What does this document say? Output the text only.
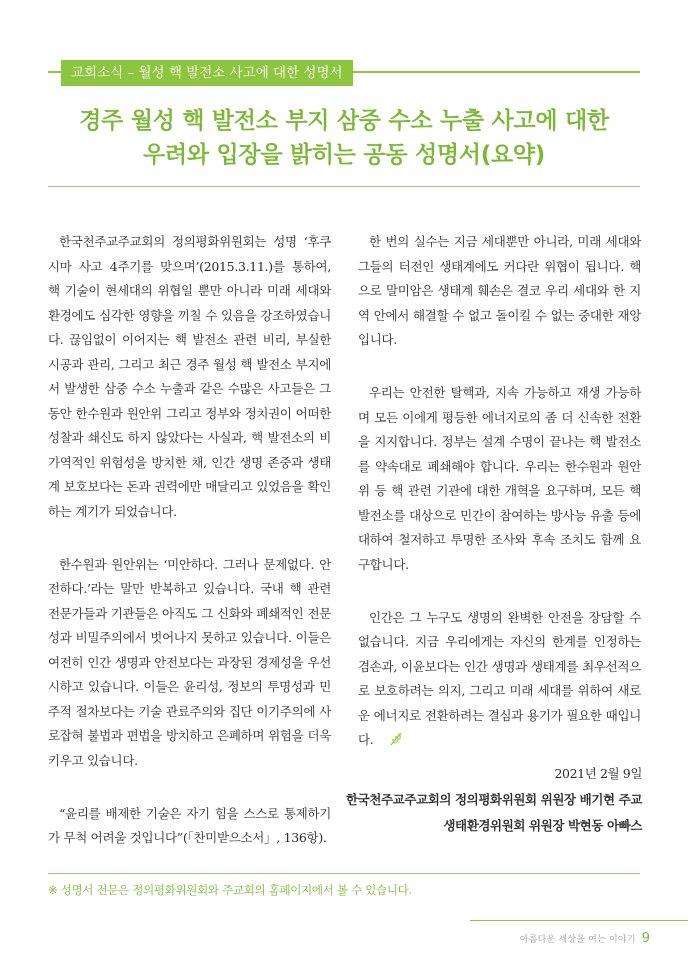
교회소식 – 월성 핵 발전소 사고에 대한 성명서
경주 월성 핵 발전소 부지 삼중 수소 누출 사고에 대한
우려와 입장을 밝히는 공동 성명서(요약)

한국천주교주교회의 정의평화위원회는 성명 ‘후쿠시마 사고 4주기를 맞으며’(2015.3.11.)를 통하여, 핵 기술이 현세대의 위협일 뿐만 아니라 미래 세대와 환경에도 심각한 영향을 끼칠 수 있음을 강조하였습니다. 끊임없이 이어지는 핵 발전소 관련 비리, 부실한 시공과 관리, 그리고 최근 경주 월성 핵 발전소 부지에서 발생한 삼중 수소 누출과 같은 수많은 사고들은 그동안 한수원과 원안위 그리고 정부와 정치권이 어떠한 성찰과 쇄신도 하지 않았다는 사실과, 핵 발전소의 비가역적인 위험성을 방치한 채, 인간 생명 존중과 생태계 보호보다는 돈과 권력에만 매달리고 있었음을 확인하는 계기가 되었습니다.

한수원과 원안위는 ‘미안하다. 그러나 문제없다. 안전하다.’라는 말만 반복하고 있습니다. 국내 핵 관련 전문가들과 기관들은 아직도 그 신화와 폐쇄적인 전문성과 비밀주의에서 벗어나지 못하고 있습니다. 이들은 여전히 인간 생명과 안전보다는 과장된 경제성을 우선시하고 있습니다. 이들은 윤리성, 정보의 투명성과 민주적 절차보다는 기술 관료주의와 집단 이기주의에 사로잡혀 불법과 편법을 방치하고 은폐하며 위험을 더욱 키우고 있습니다.

“윤리를 배제한 기술은 자기 힘을 스스로 통제하기가 무척 어려울 것입니다”(「찬미받으소서」, 136항).

한 번의 실수는 지금 세대뿐만 아니라, 미래 세대와 그들의 터전인 생태계에도 커다란 위협이 됩니다. 핵으로 말미암은 생태계 훼손은 결코 우리 세대와 한 지역 안에서 해결할 수 없고 돌이킬 수 없는 중대한 재앙입니다.

우리는 안전한 탈핵과, 지속 가능하고 재생 가능하며 모든 이에게 평등한 에너지로의 좀 더 신속한 전환을 지지합니다. 정부는 설계 수명이 끝나는 핵 발전소를 약속대로 폐쇄해야 합니다. 우리는 한수원과 원안위 등 핵 관련 기관에 대한 개혁을 요구하며, 모든 핵 발전소를 대상으로 민간이 참여하는 방사능 유출 등에 대하여 철저하고 투명한 조사와 후속 조치도 함께 요구합니다.

인간은 그 누구도 생명의 완벽한 안전을 장담할 수 없습니다. 지금 우리에게는 자신의 한계를 인정하는 겸손과, 이윤보다는 인간 생명과 생태계를 최우선적으로 보호하려는 의지, 그리고 미래 세대를 위하여 새로운 에너지로 전환하려는 결심과 용기가 필요한 때입니다.

2021년 2월 9일
한국천주교주교회의 정의평화위원회 위원장 배기현 주교
생태환경위원회 위원장 박현동 아빠스
※ 성명서 전문은 정의평화위원회와 주교회의 홈페이지에서 볼 수 있습니다.
아름다운 세상을 여는 이야기 9
